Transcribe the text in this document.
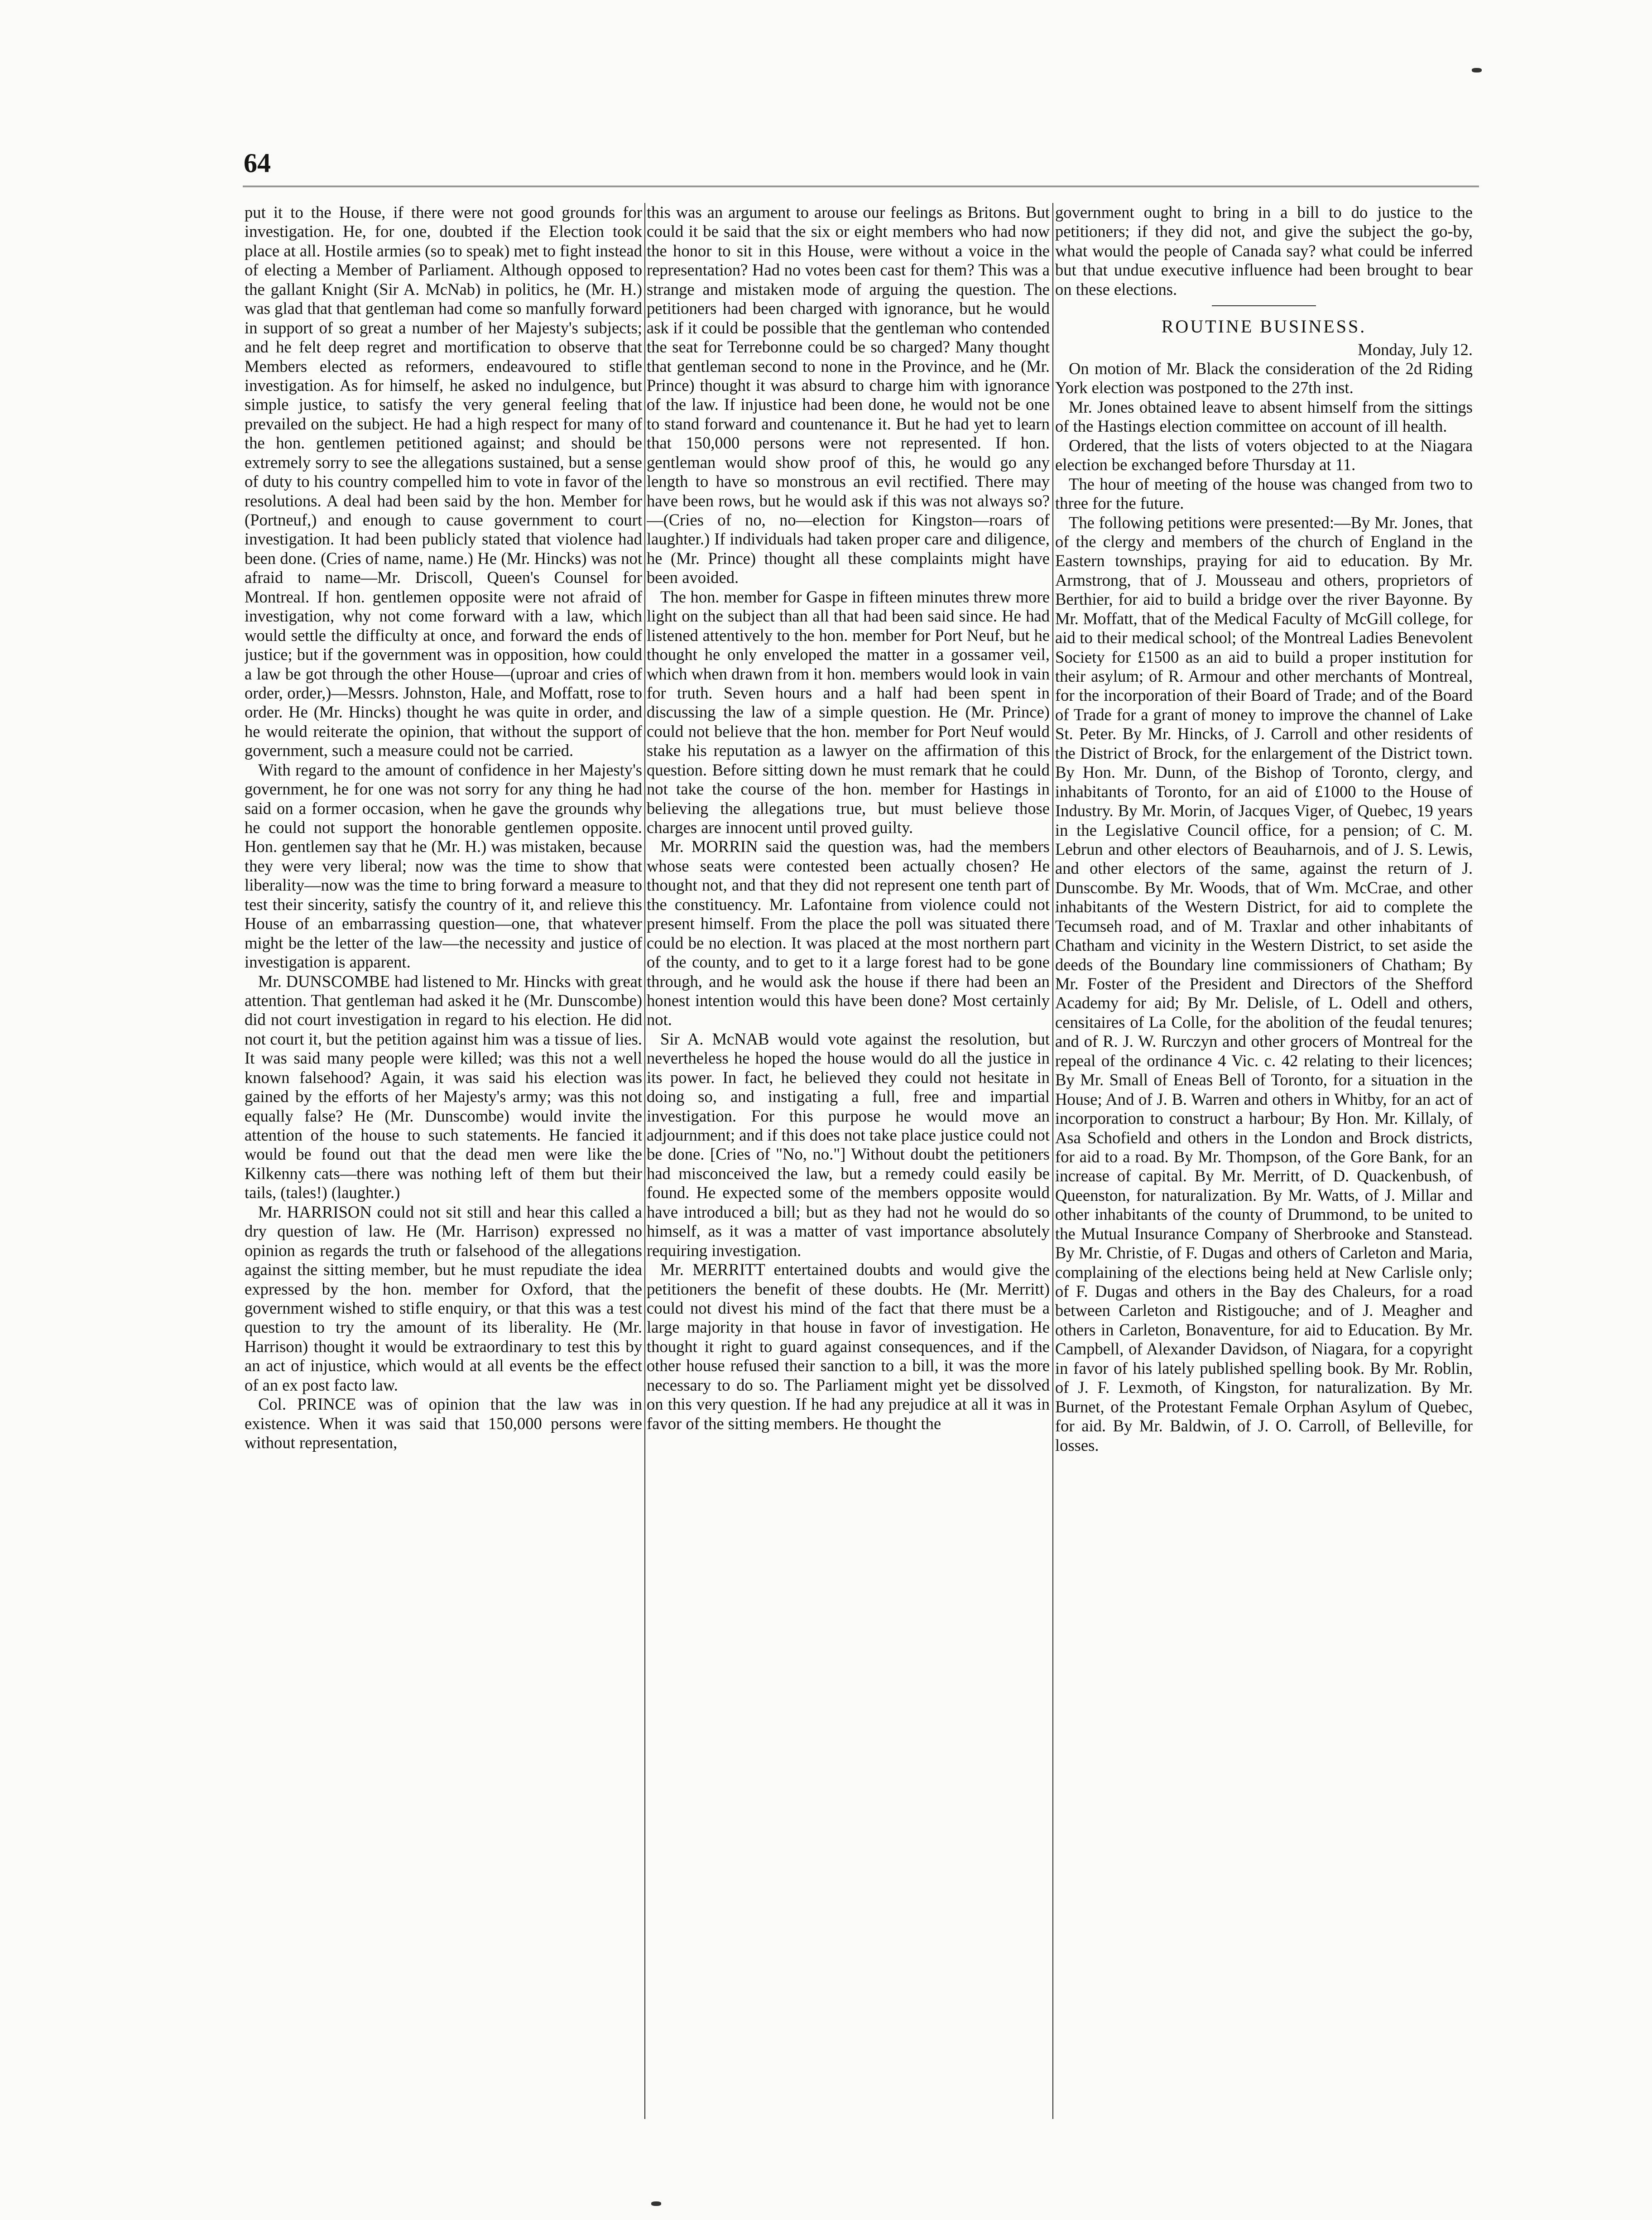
64

put it to the House, if there were not good grounds for investigation. He, for one, doubted if the Election took place at all. Hostile armies (so to speak) met to fight instead of electing a Member of Parliament. Although opposed to the gallant Knight (Sir A. McNab) in politics, he (Mr. H.) was glad that that gentleman had come so manfully forward in support of so great a number of her Majesty's subjects; and he felt deep regret and mortification to observe that Members elected as reformers, endeavoured to stifle investigation. As for himself, he asked no indulgence, but simple justice, to satisfy the very general feeling that prevailed on the subject. He had a high respect for many of the hon. gentlemen petitioned against; and should be extremely sorry to see the allegations sustained, but a sense of duty to his country compelled him to vote in favor of the resolutions. A deal had been said by the hon. Member for (Portneuf,) and enough to cause government to court investigation. It had been publicly stated that violence had been done. (Cries of name, name.) He (Mr. Hincks) was not afraid to name—Mr. Driscoll, Queen's Counsel for Montreal. If hon. gentlemen opposite were not afraid of investigation, why not come forward with a law, which would settle the difficulty at once, and forward the ends of justice; but if the government was in opposition, how could a law be got through the other House—(uproar and cries of order, order,)—Messrs. Johnston, Hale, and Moffatt, rose to order. He (Mr. Hincks) thought he was quite in order, and he would reiterate the opinion, that without the support of government, such a measure could not be carried.

With regard to the amount of confidence in her Majesty's government, he for one was not sorry for any thing he had said on a former occasion, when he gave the grounds why he could not support the honorable gentlemen opposite. Hon. gentlemen say that he (Mr. H.) was mistaken, because they were very liberal; now was the time to show that liberality—now was the time to bring forward a measure to test their sincerity, satisfy the country of it, and relieve this House of an embarrassing question—one, that whatever might be the letter of the law—the necessity and justice of investigation is apparent.

Mr. DUNSCOMBE had listened to Mr. Hincks with great attention. That gentleman had asked it he (Mr. Dunscombe) did not court investigation in regard to his election. He did not court it, but the petition against him was a tissue of lies. It was said many people were killed; was this not a well known falsehood? Again, it was said his election was gained by the efforts of her Majesty's army; was this not equally false? He (Mr. Dunscombe) would invite the attention of the house to such statements. He fancied it would be found out that the dead men were like the Kilkenny cats—there was nothing left of them but their tails, (tales!) (laughter.)

Mr. HARRISON could not sit still and hear this called a dry question of law. He (Mr. Harrison) expressed no opinion as regards the truth or falsehood of the allegations against the sitting member, but he must repudiate the idea expressed by the hon. member for Oxford, that the government wished to stifle enquiry, or that this was a test question to try the amount of its liberality. He (Mr. Harrison) thought it would be extraordinary to test this by an act of injustice, which would at all events be the effect of an ex post facto law.

Col. PRINCE was of opinion that the law was in existence. When it was said that 150,000 persons were without representation,

this was an argument to arouse our feelings as Britons. But could it be said that the six or eight members who had now the honor to sit in this House, were without a voice in the representation? Had no votes been cast for them? This was a strange and mistaken mode of arguing the question. The petitioners had been charged with ignorance, but he would ask if it could be possible that the gentleman who contended the seat for Terrebonne could be so charged? Many thought that gentleman second to none in the Province, and he (Mr. Prince) thought it was absurd to charge him with ignorance of the law. If injustice had been done, he would not be one to stand forward and countenance it. But he had yet to learn that 150,000 persons were not represented. If hon. gentleman would show proof of this, he would go any length to have so monstrous an evil rectified. There may have been rows, but he would ask if this was not always so?—(Cries of no, no—election for Kingston—roars of laughter.) If individuals had taken proper care and diligence, he (Mr. Prince) thought all these complaints might have been avoided.

The hon. member for Gaspe in fifteen minutes threw more light on the subject than all that had been said since. He had listened attentively to the hon. member for Port Neuf, but he thought he only enveloped the matter in a gossamer veil, which when drawn from it hon. members would look in vain for truth. Seven hours and a half had been spent in discussing the law of a simple question. He (Mr. Prince) could not believe that the hon. member for Port Neuf would stake his reputation as a lawyer on the affirmation of this question. Before sitting down he must remark that he could not take the course of the hon. member for Hastings in believing the allegations true, but must believe those charges are innocent until proved guilty.

Mr. MORRIN said the question was, had the members whose seats were contested been actually chosen? He thought not, and that they did not represent one tenth part of the constituency. Mr. Lafontaine from violence could not present himself. From the place the poll was situated there could be no election. It was placed at the most northern part of the county, and to get to it a large forest had to be gone through, and he would ask the house if there had been an honest intention would this have been done? Most certainly not.

Sir A. McNAB would vote against the resolution, but nevertheless he hoped the house would do all the justice in its power. In fact, he believed they could not hesitate in doing so, and instigating a full, free and impartial investigation. For this purpose he would move an adjournment; and if this does not take place justice could not be done. [Cries of "No, no."] Without doubt the petitioners had misconceived the law, but a remedy could easily be found. He expected some of the members opposite would have introduced a bill; but as they had not he would do so himself, as it was a matter of vast importance absolutely requiring investigation.

Mr. MERRITT entertained doubts and would give the petitioners the benefit of these doubts. He (Mr. Merritt) could not divest his mind of the fact that there must be a large majority in that house in favor of investigation. He thought it right to guard against consequences, and if the other house refused their sanction to a bill, it was the more necessary to do so. The Parliament might yet be dissolved on this very question. If he had any prejudice at all it was in favor of the sitting members. He thought the

government ought to bring in a bill to do justice to the petitioners; if they did not, and give the subject the go-by, what would the people of Canada say? what could be inferred but that undue executive influence had been brought to bear on these elections.

ROUTINE BUSINESS.

Monday, July 12.

On motion of Mr. Black the consideration of the 2d Riding York election was postponed to the 27th inst.

Mr. Jones obtained leave to absent himself from the sittings of the Hastings election committee on account of ill health.

Ordered, that the lists of voters objected to at the Niagara election be exchanged before Thursday at 11.

The hour of meeting of the house was changed from two to three for the future.

The following petitions were presented:—By Mr. Jones, that of the clergy and members of the church of England in the Eastern townships, praying for aid to education. By Mr. Armstrong, that of J. Mousseau and others, proprietors of Berthier, for aid to build a bridge over the river Bayonne. By Mr. Moffatt, that of the Medical Faculty of McGill college, for aid to their medical school; of the Montreal Ladies Benevolent Society for £1500 as an aid to build a proper institution for their asylum; of R. Armour and other merchants of Montreal, for the incorporation of their Board of Trade; and of the Board of Trade for a grant of money to improve the channel of Lake St. Peter. By Mr. Hincks, of J. Carroll and other residents of the District of Brock, for the enlargement of the District town. By Hon. Mr. Dunn, of the Bishop of Toronto, clergy, and inhabitants of Toronto, for an aid of £1000 to the House of Industry. By Mr. Morin, of Jacques Viger, of Quebec, 19 years in the Legislative Council office, for a pension; of C. M. Lebrun and other electors of Beauharnois, and of J. S. Lewis, and other electors of the same, against the return of J. Dunscombe. By Mr. Woods, that of Wm. McCrae, and other inhabitants of the Western District, for aid to complete the Tecumseh road, and of M. Traxlar and other inhabitants of Chatham and vicinity in the Western District, to set aside the deeds of the Boundary line commissioners of Chatham; By Mr. Foster of the President and Directors of the Shefford Academy for aid; By Mr. Delisle, of L. Odell and others, censitaires of La Colle, for the abolition of the feudal tenures; and of R. J. W. Rurczyn and other grocers of Montreal for the repeal of the ordinance 4 Vic. c. 42 relating to their licences; By Mr. Small of Eneas Bell of Toronto, for a situation in the House; And of J. B. Warren and others in Whitby, for an act of incorporation to construct a harbour; By Hon. Mr. Killaly, of Asa Schofield and others in the London and Brock districts, for aid to a road. By Mr. Thompson, of the Gore Bank, for an increase of capital. By Mr. Merritt, of D. Quackenbush, of Queenston, for naturalization. By Mr. Watts, of J. Millar and other inhabitants of the county of Drummond, to be united to the Mutual Insurance Company of Sherbrooke and Stanstead. By Mr. Christie, of F. Dugas and others of Carleton and Maria, complaining of the elections being held at New Carlisle only; of F. Dugas and others in the Bay des Chaleurs, for a road between Carleton and Ristigouche; and of J. Meagher and others in Carleton, Bonaventure, for aid to Education. By Mr. Campbell, of Alexander Davidson, of Niagara, for a copyright in favor of his lately published spelling book. By Mr. Roblin, of J. F. Lexmoth, of Kingston, for naturalization. By Mr. Burnet, of the Protestant Female Orphan Asylum of Quebec, for aid. By Mr. Baldwin, of J. O. Carroll, of Belleville, for losses.
